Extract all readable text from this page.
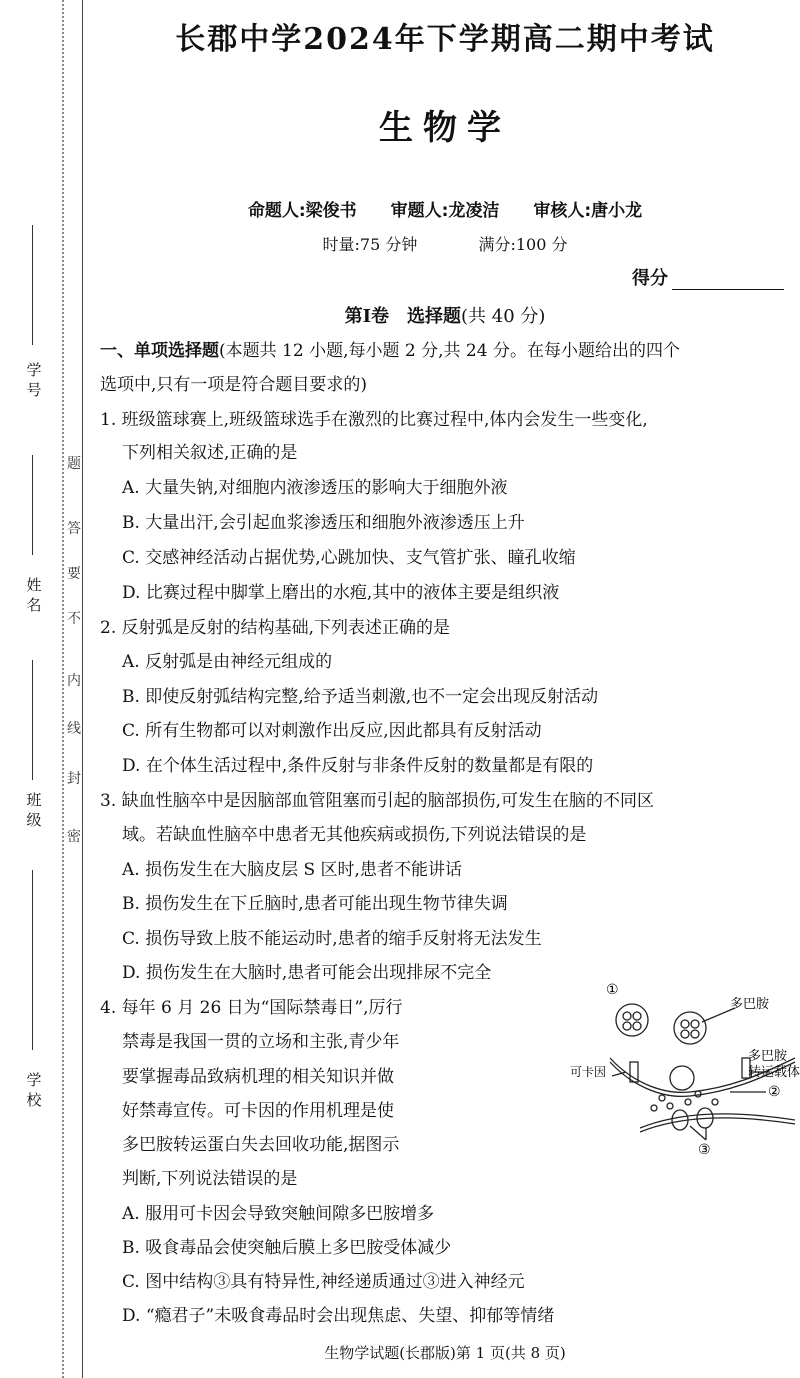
学 号
姓 名
班 级
学 校
题
答
要
不
内
线
封
密
长郡中学2024年下学期高二期中考试
生物学
命题人:梁俊书 审题人:龙凌洁 审核人:唐小龙
时量:75 分钟	满分:100 分
得分
第Ⅰ卷　选择题(共 40 分)
一、单项选择题(本题共 12 小题,每小题 2 分,共 24 分。在每小题给出的四个
选项中,只有一项是符合题目要求的)
1. 班级篮球赛上,班级篮球选手在激烈的比赛过程中,体内会发生一些变化,
下列相关叙述,正确的是
A. 大量失钠,对细胞内液渗透压的影响大于细胞外液
B. 大量出汗,会引起血浆渗透压和细胞外液渗透压上升
C. 交感神经活动占据优势,心跳加快、支气管扩张、瞳孔收缩
D. 比赛过程中脚掌上磨出的水疱,其中的液体主要是组织液
2. 反射弧是反射的结构基础,下列表述正确的是
A. 反射弧是由神经元组成的
B. 即使反射弧结构完整,给予适当刺激,也不一定会出现反射活动
C. 所有生物都可以对刺激作出反应,因此都具有反射活动
D. 在个体生活过程中,条件反射与非条件反射的数量都是有限的
3. 缺血性脑卒中是因脑部血管阻塞而引起的脑部损伤,可发生在脑的不同区
域。若缺血性脑卒中患者无其他疾病或损伤,下列说法错误的是
A. 损伤发生在大脑皮层 S 区时,患者不能讲话
B. 损伤发生在下丘脑时,患者可能出现生物节律失调
C. 损伤导致上肢不能运动时,患者的缩手反射将无法发生
D. 损伤发生在大脑时,患者可能会出现排尿不完全
4. 每年 6 月 26 日为“国际禁毒日”,厉行
禁毒是我国一贯的立场和主张,青少年
要掌握毒品致病机理的相关知识并做
好禁毒宣传。可卡因的作用机理是使
多巴胺转运蛋白失去回收功能,据图示
判断,下列说法错误的是
A. 服用可卡因会导致突触间隙多巴胺增多
B. 吸食毒品会使突触后膜上多巴胺受体减少
C. 图中结构③具有特异性,神经递质通过③进入神经元
D. “瘾君子”未吸食毒品时会出现焦虑、失望、抑郁等情绪
①
多巴胺
可卡因
多巴胺
转运载体
②
③
生物学试题(长郡版)第 1 页(共 8 页)
